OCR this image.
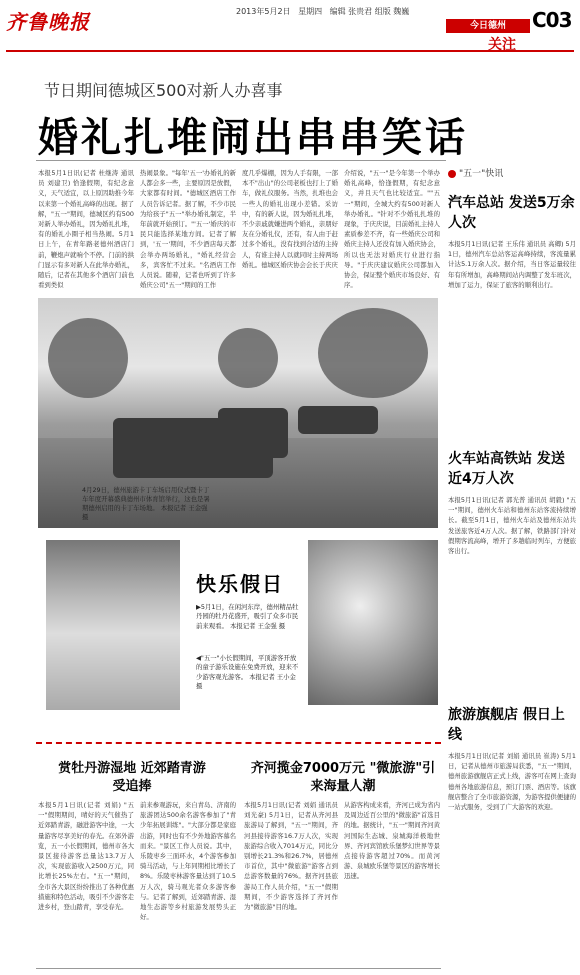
齐鲁晚报	2013年5月2日 星期四 编辑 张贵君 组版 魏巍
今日德州
关注
C03
节日期间德城区500对新人办喜事
婚礼扎堆闹出串串笑话
本报5月1日讯(记者 杜继涛 通讯员 刘建卫) 恰逢假期，有纪念意义，天气适宜，以上原因助推今年以来第一个婚礼高峰的出现。据了解，"五一"期间，德城区约有500对新人举办婚礼，因为婚礼扎堆，有的婚礼小圈子相当热闹。5月1日上午，在青年路老德州酒店门前，鞭炮声就响个不停。门前的拱门显示有多对新人在此举办婚礼，随后，记者在其他多个酒店门前也看到类似
热闹景象。"每年'五一'办婚礼的新人都会多一些，主要原因是放假，大家都有时间。"德城区酒店工作人员告诉记者。据了解，不少市民为给孩子"五一"举办婚礼制定，半年前就开始预订。"'五一'婚庆的市民只能选择某地方间。记者了解到，'五一'期间，不少酒店每天都会举办两场婚礼，"婚礼经营会多，宾客忙不过来。"名酒店工作人员说。随着，记者也听到了许多婚庆公司"五一"期间的工作
度几乎爆棚，因为人手有限，一部本不"出山"的公司老板也打上了婚车，做礼仪服务。当然，扎堆也会一些人的婚礼出现小差错。采访中，有的新人说，因为婚礼扎堆，不少亲戚就嫌进两个婚礼，亲朋好友在分婚礼仪，还有，有人由于赶过多个婚礼，没有找到合适的主持人，有谁主持人以就同时主持两场婚礼。德城区婚庆协会会长于庆庆
介绍说，"五一"是今年第一个举办婚礼高峰，恰逢假期，有纪念意义，并且天气也比较适宜。""五一"期间，全城大约有500对新人举办婚礼。"针对不少婚礼扎堆的现象，于庆庆说，目前婚礼主持人素质参差不齐，有一些婚庆公司和婚庆主持人还没有加入婚庆协会，所以也无法对婚庆行业进行指导。"于庆庆建议婚庆公司都加入协会，保证整个婚庆市场良好、有序。
4月29日，德州旅游卡丁车场启用仪式暨卡丁车年度开幕盛典德州市体育馆举行，这也是暑期德州启用的卡丁车场地。 本报记者 王金强 摄
快乐假日
▶5月1日，在闲河东岸，德州精品牡丹园的牡丹花盛开，吸引了众多市民前来观看。 本报记者 王金强 摄
◀"五一"小长假期间，平顶游客开放的童子游乐设施在免费开放，迎来不少游客观光游客。 本报记者 王小金 摄
赏牡丹游湿地 近郊踏青游受追捧
本报5月1日讯(记者 刘娟) "五一"假期期间，晴好的天气催热了近郊踏青游，融进游客中途，一大量游客尽享美好的春光。在郊外游览，五一小长假期间，德州市各大景区接待游客总量达13.7万人次，实现旅游收入2500万元，同比增长25%左右。"五一"期间，全市各大景区纷纷推出了各种优惠措施和特色活动，吸引不少游客走进乡村，登山踏青，享受春光。
前来参观游玩，来自青岛、济南的旅游团达500余名游客参加了"青少年拓展训练"。"大部分都是家庭出游，同时也有不少外地游客慕名而来。"景区工作人员说。其中，乐陵枣乡三面环水，4个游客参加骑马活动，与上年同期相比增长了8%。乐陵枣林游客量达到了10.5万人次，骑马观光者众多游客参与。记者了解到，近郊踏青游、湿地生态游等乡村旅游发展势头正好。
齐河揽金7000万元 "微旅游"引来海量人潮
本报5月1日讯(记者 刘娟 通讯员 刘光豪) 5月1日，记者从齐河县旅游局了解到，"五一"期间，齐河县接待游客16.7万人次，实现旅游综合收入7014万元，同比分别增长21.3%和26.7%，居德州市首位，其中"微旅游"游客占到总游客数量的76%。据齐河县旅游局工作人员介绍，"五一"假期期间，不少游客选择了齐河作为"微旅游"目的地。
从游客构成来看，齐河已成为省内及周边近百公里的"微旅游"首选目的地。据统计，"五一"期间齐河黄河国际生态城、泉城海洋极地世界、齐河宾馆欧乐堡梦幻世界等景点接待游客超过70%。而黄河游、泉城欧乐堡等景区的游客增长迅速。
"五一"快讯
汽车总站 发送5万余人次
本报5月1日讯(记者 王乐伟 通讯员 高卿) 5月1日，德州汽车总站客运高峰持续，客流量累计达5.1万余人次。据介绍，当日客运量较往年有所增加，高峰期间站内调整了发车班次，增加了运力，保证了旅客的顺利出行。
火车站高铁站 发送近4万人次
本报5月1日讯(记者 郭光普 通讯员 胡毅) "五一"期间，德州火车站和德州东站客流持续增长。截至5月1日，德州火车站及德州东站共发送旅客近4万人次。据了解，铁路部门针对假期客流高峰，增开了多趟临时列车，方便旅客出行。
旅游旗舰店 假日上线
本报5月1日讯(记者 刘娟 通讯员 崔涛) 5月1日，记者从德州市旅游局获悉，"五一"期间，德州旅游旗舰店正式上线，游客可在网上查询德州各地旅游信息，预订门票、酒店等。该旗舰店整合了全市旅游资源，为游客提供便捷的一站式服务，受到了广大游客的欢迎。
